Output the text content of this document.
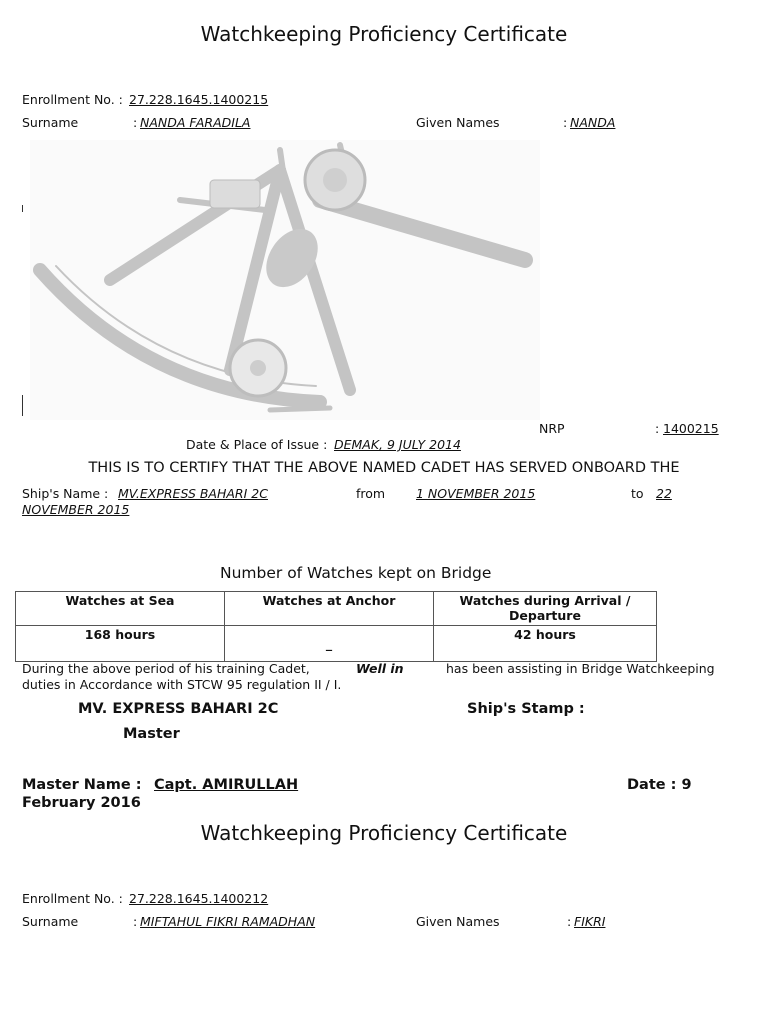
Watchkeeping Proficiency Certificate
Enrollment No. : 27.228.1645.1400215
Surname	: NANDA FARADILA	Given Names	: NANDA
NRP	: 1400215
Date & Place of Issue : DEMAK, 9 JULY 2014
THIS IS TO CERTIFY THAT THE ABOVE NAMED CADET HAS SERVED ONBOARD THE
Ship's Name : MV.EXPRESS BAHARI 2C	from 1 NOVEMBER 2015	to 22
NOVEMBER 2015
Number of Watches kept on Bridge
Watches at Sea	Watches at Anchor	Watches during Arrival / Departure
168 hours	_	42 hours
During the above period of his training Cadet,	Well in	has been assisting in Bridge Watchkeeping
duties in Accordance with STCW 95 regulation II / I.
MV. EXPRESS BAHARI 2C	Ship's Stamp :
Master
Master Name : Capt. AMIRULLAH	Date : 9
February 2016
Watchkeeping Proficiency Certificate
Enrollment No. : 27.228.1645.1400212
Surname	: MIFTAHUL FIKRI RAMADHAN	Given Names	: FIKRI
